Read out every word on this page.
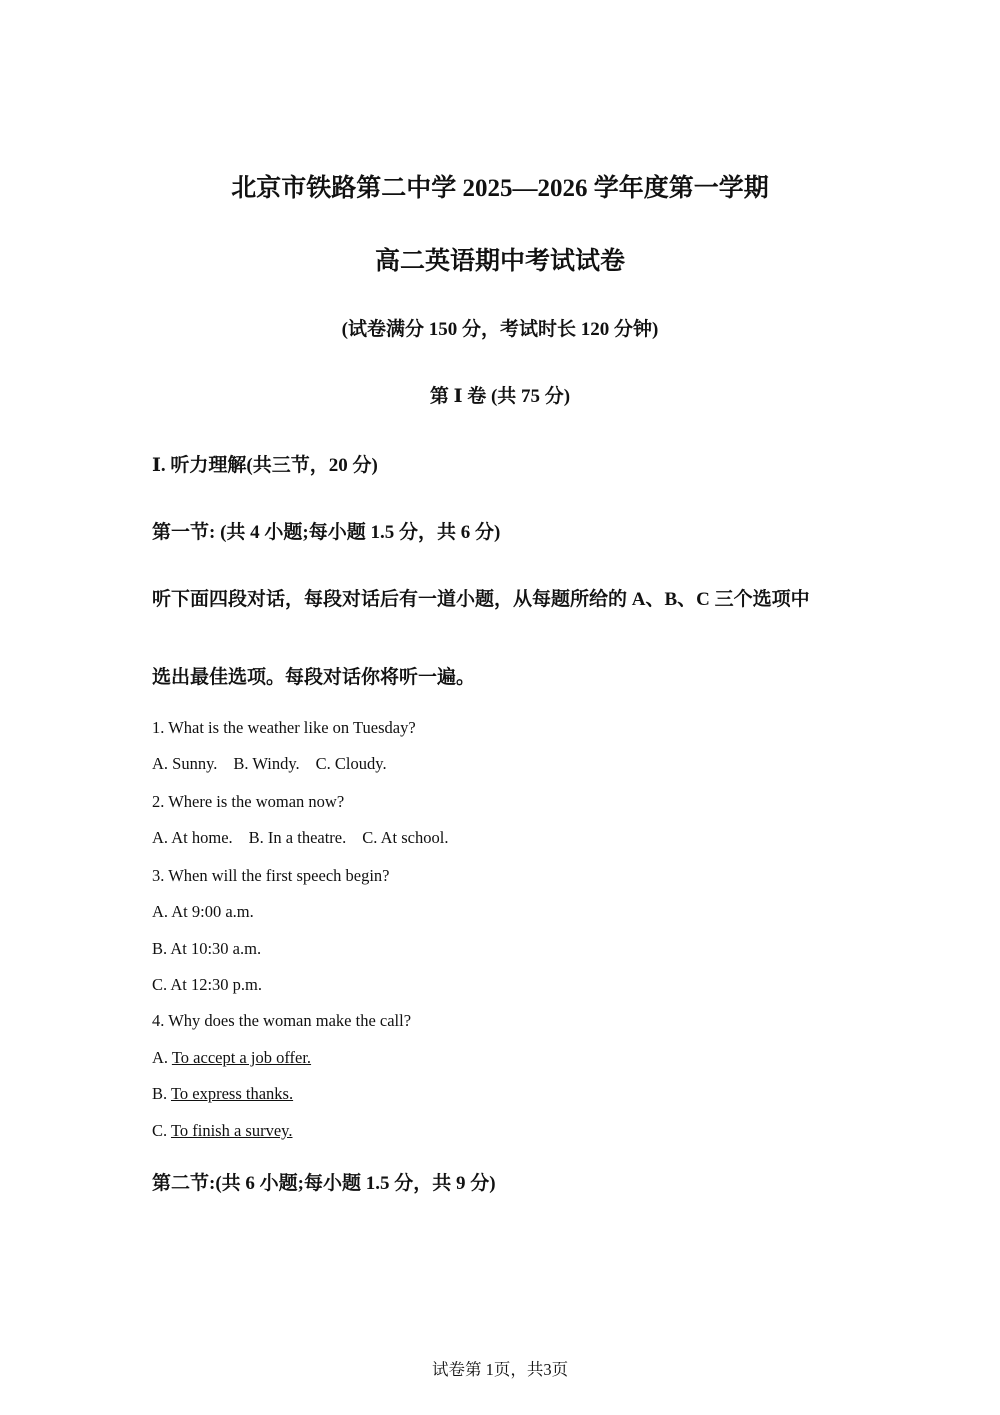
北京市铁路第二中学 2025—2026 学年度第一学期
高二英语期中考试试卷
(试卷满分 150 分，考试时长 120 分钟)
第 Ⅰ 卷 (共 75 分)
Ⅰ. 听力理解(共三节，20 分)
第一节: (共 4 小题;每小题 1.5 分，共 6 分)
听下面四段对话，每段对话后有一道小题，从每题所给的 A、B、C 三个选项中
选出最佳选项。每段对话你将听一遍。
1. What is the weather like on Tuesday?
A. Sunny. B. Windy. C. Cloudy.
2. Where is the woman now?
A. At home. B. In a theatre. C. At school.
3. When will the first speech begin?
A. At 9:00 a.m.
B. At 10:30 a.m.
C. At 12:30 p.m.
4. Why does the woman make the call?
A. To accept a job offer.
B. To express thanks.
C. To finish a survey.
第二节:(共 6 小题;每小题 1.5 分，共 9 分)
试卷第 1页，共3页
